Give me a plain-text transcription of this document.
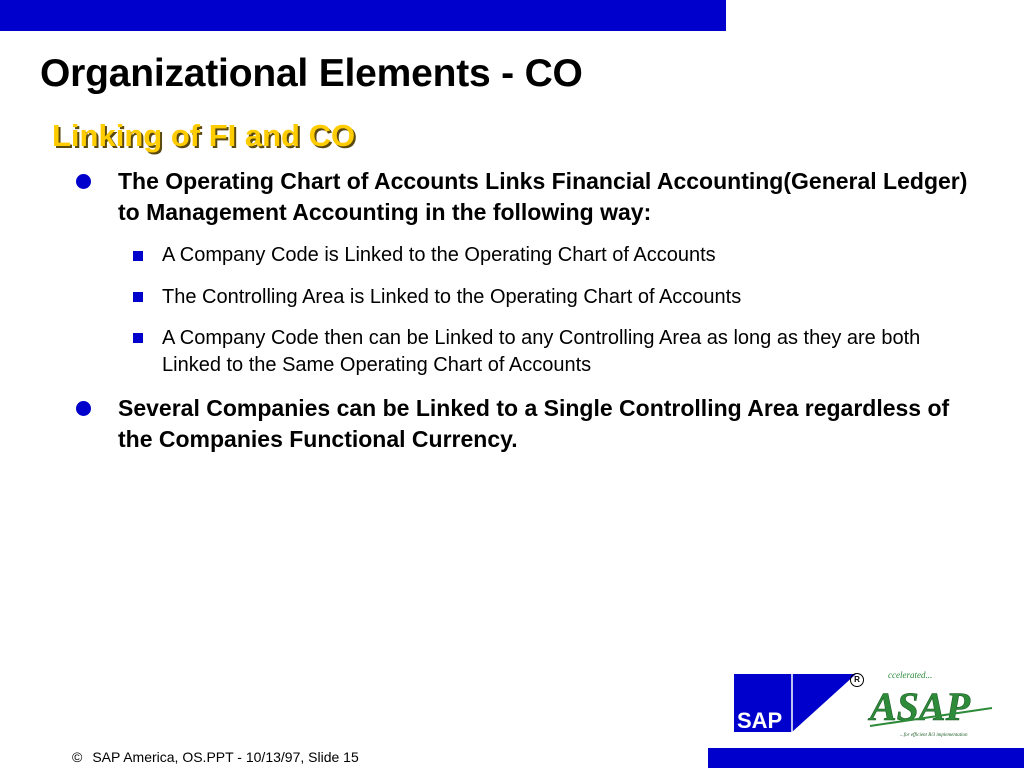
Organizational Elements - CO
Linking of FI and CO
The Operating Chart of Accounts Links Financial Accounting(General Ledger) to Management Accounting in the following way:
A Company Code is Linked to the Operating Chart of Accounts
The Controlling Area is Linked to the Operating Chart of Accounts
A Company Code then can be Linked to any Controlling Area as long as they are both Linked to the Same Operating Chart of Accounts
Several Companies can be Linked to a Single Controlling Area regardless of the Companies Functional Currency.
SAP
R	ccelerated...
ASAP
...for efficient R/3 implementation
© SAP America, OS.PPT - 10/13/97, Slide 15
